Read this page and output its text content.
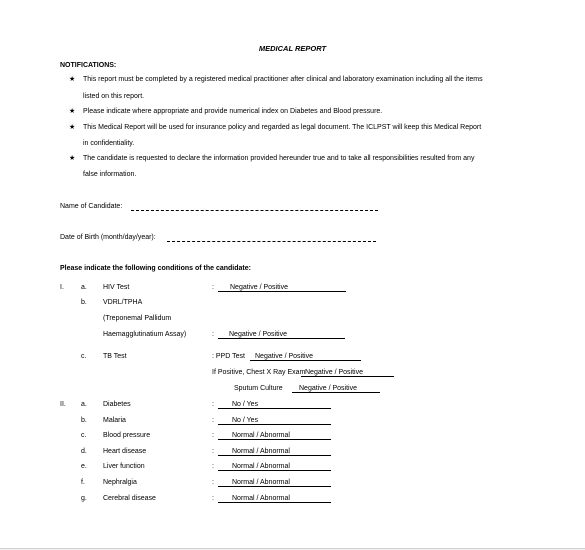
MEDICAL REPORT
NOTIFICATIONS:
★ This report must be completed by a registered medical practitioner after clinical and laboratory examination including all the items
listed on this report.
★ Please indicate where appropriate and provide numerical index on Diabetes and Blood pressure.
★ This Medical Report will be used for insurance policy and regarded as legal document. The ICLPST will keep this Medical Report
in confidentiality.
★ The candidate is requested to declare the information provided hereunder true and to take all responsibilities resulted from any
false information.
Name of Candidate:
Date of Birth (month/day/year):
Please indicate the following conditions of the candidate:
I. a. HIV Test	: Negative / Positive
b. VDRL/TPHA
(Treponemal Pallidum
Haemagglutinatium Assay)	: Negative / Positive
c. TB Test	: PPD Test Negative / Positive
If Positive, Chest X Ray Exam Negative / Positive
Sputum Culture Negative / Positive
II. a. Diabetes	:	No / Yes
b. Malaria	:	No / Yes
c. Blood pressure	:	Normal / Abnormal
d. Heart disease	:	Normal / Abnormal
e. Liver function	:	Normal / Abnormal
f.	Nephralgia	:	Normal / Abnormal
g. Cerebral disease	:	Normal / Abnormal
